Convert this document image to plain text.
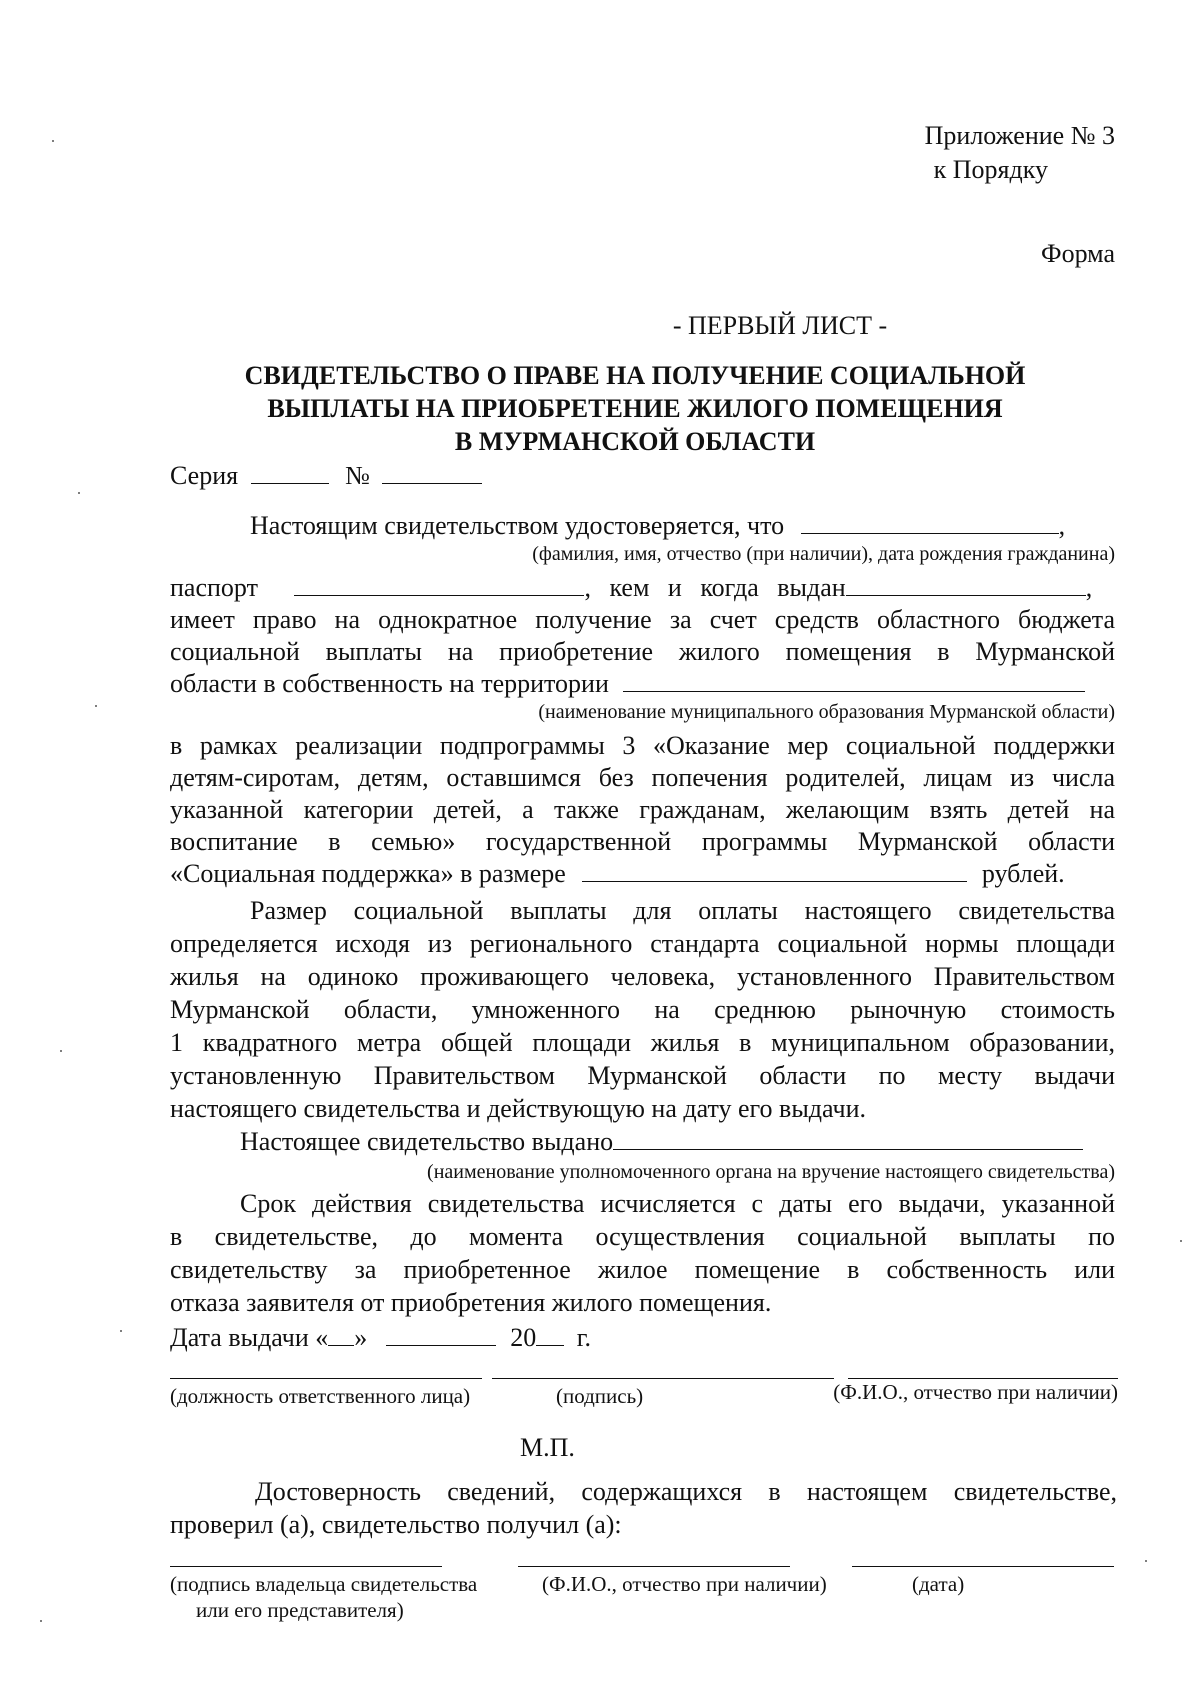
Приложение № 3
к Порядку
Форма
- ПЕРВЫЙ ЛИСТ -
СВИДЕТЕЛЬСТВО О ПРАВЕ НА ПОЛУЧЕНИЕ СОЦИАЛЬНОЙ
ВЫПЛАТЫ НА ПРИОБРЕТЕНИЕ ЖИЛОГО ПОМЕЩЕНИЯ
В МУРМАНСКОЙ ОБЛАСТИ
Серия	№
Настоящим свидетельством удостоверяется, что	,
(фамилия, имя, отчество (при наличии), дата рождения гражданина)
паспорт	, кем и когда выдан	,
имеет право на однократное получение за счет средств областного бюджета
социальной выплаты на приобретение жилого помещения в Мурманской
области в собственность на территории
(наименование муниципального образования Мурманской области)
в рамках реализации подпрограммы 3 «Оказание мер социальной поддержки
детям-сиротам, детям, оставшимся без попечения родителей, лицам из числа
указанной категории детей, а также гражданам, желающим взять детей на
воспитание в семью» государственной программы Мурманской области
«Социальная поддержка» в размере	рублей.
Размер социальной выплаты для оплаты настоящего свидетельства
определяется исходя из регионального стандарта социальной нормы площади
жилья на одиноко проживающего человека, установленного Правительством
Мурманской области, умноженного на среднюю рыночную стоимость
1 квадратного метра общей площади жилья в муниципальном образовании,
установленную Правительством Мурманской области по месту выдачи
настоящего свидетельства и действующую на дату его выдачи.
Настоящее свидетельство выдано
(наименование уполномоченного органа на вручение настоящего свидетельства)
Срок действия свидетельства исчисляется с даты его выдачи, указанной
в свидетельстве, до момента осуществления социальной выплаты по
свидетельству за приобретенное жилое помещение в собственность или
отказа заявителя от приобретения жилого помещения.
Дата выдачи « »	20 г.
(должность ответственного лица)	(подпись)	(Ф.И.О., отчество при наличии)
М.П.
Достоверность сведений, содержащихся в настоящем свидетельстве,
проверил (а), свидетельство получил (а):
(подпись владельца свидетельства	(Ф.И.О., отчество при наличии)	(дата)
или его представителя)
